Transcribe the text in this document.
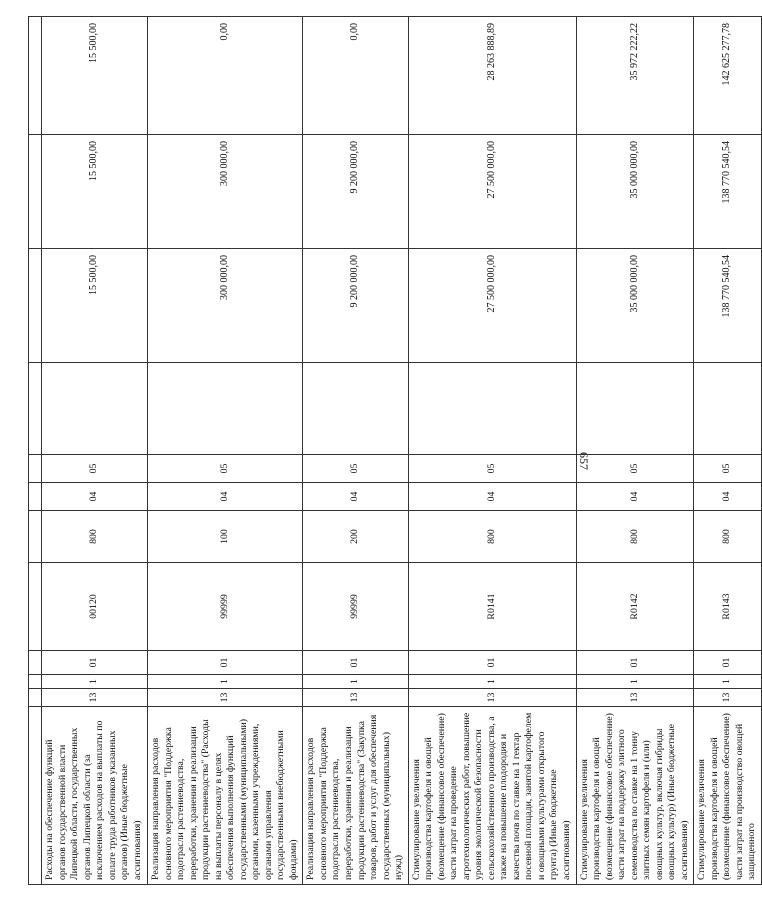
657

Расходы на обеспечение функций органов государственной власти Липецкой области, государственных органов Липецкой области (за исключением расходов на выплаты по оплате труда работников указанных органов) (Иные бюджетные ассигнования)	13	1	01	00120	800	04	05		15 500,00	15 500,00	15 500,00
Реализация направления расходов основного мероприятия "Поддержка подотрасли растениеводства, переработки, хранения и реализации продукции растениеводства" (Расходы на выплаты персоналу в целях обеспечения выполнения функций государственными (муниципальными) органами, казенными учреждениями, органами управления государственными внебюджетными фондами)	13	1	01	99999	100	04	05		300 000,00	300 000,00	0,00
Реализация направления расходов основного мероприятия "Поддержка подотрасли растениеводства, переработки, хранения и реализации продукции растениеводства" (Закупка товаров, работ и услуг для обеспечения государственных (муниципальных) нужд)	13	1	01	99999	200	04	05		9 200 000,00	9 200 000,00	0,00
Стимулирование увеличения производства картофеля и овощей (возмещение (финансовое обеспечение) части затрат на проведение агротехнологических работ, повышение уровня экологической безопасности сельскохозяйственного производства, а также на повышение плодородия и качества почв по ставке на 1 гектар посевной площади, занятой картофелем и овощными культурами открытого грунта) (Иные бюджетные ассигнования)	13	1	01	R0141	800	04	05		27 500 000,00	27 500 000,00	28 263 888,89
Стимулирование увеличения производства картофеля и овощей (возмещение (финансовое обеспечение) части затрат на поддержку элитного семеноводства по ставке на 1 тонну элитных семян картофеля и (или) овощных культур, включая гибриды овощных культур) (Иные бюджетные ассигнования)	13	1	01	R0142	800	04	05		35 000 000,00	35 000 000,00	35 972 222,22
Стимулирование увеличения производства картофеля и овощей (возмещение (финансовое обеспечение) части затрат на производство овощей защищенного	13	1	01	R0143	800	04	05		138 770 540,54	138 770 540,54	142 625 277,78
